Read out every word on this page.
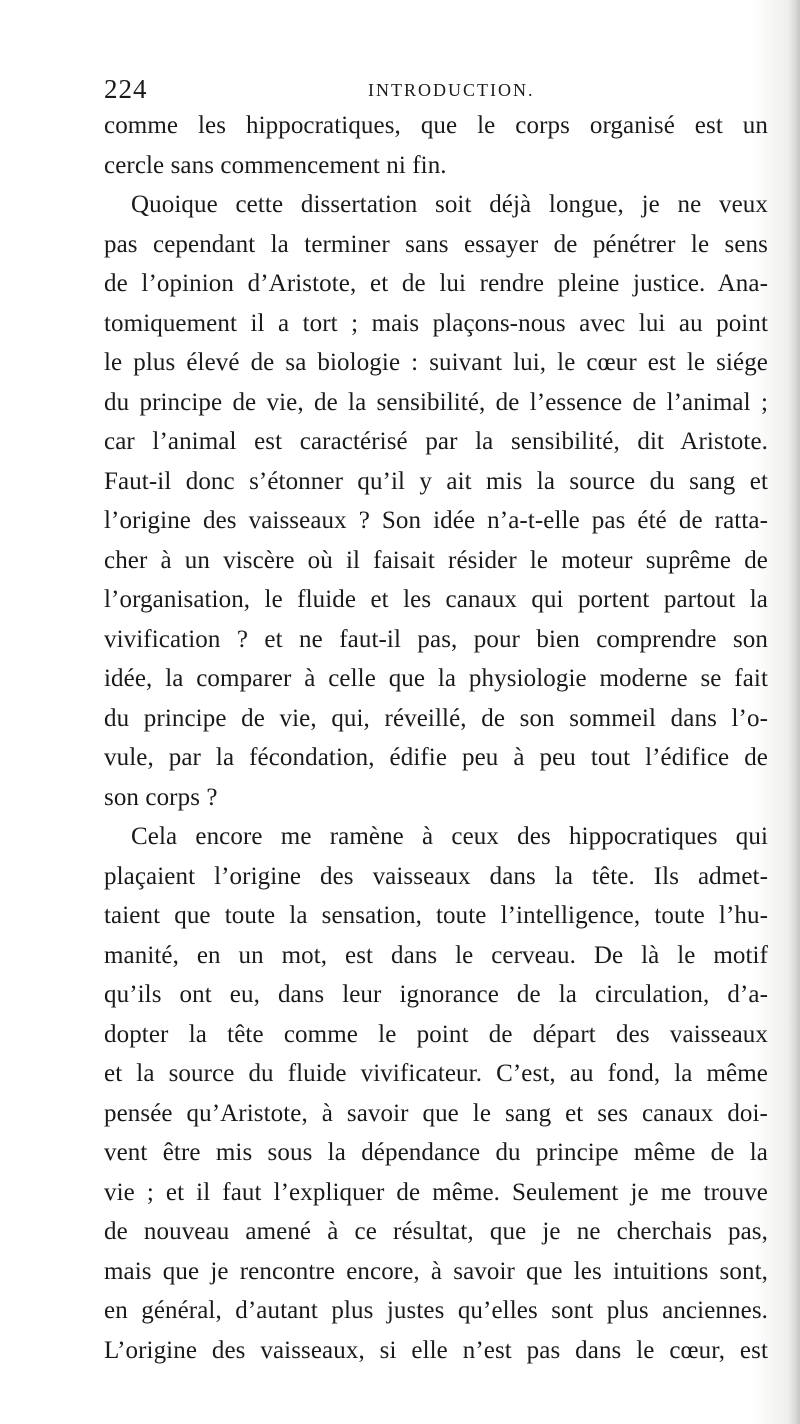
224	INTRODUCTION.
comme les hippocratiques, que le corps organisé est un
cercle sans commencement ni fin.
Quoique cette dissertation soit déjà longue, je ne veux
pas cependant la terminer sans essayer de pénétrer le sens
de l’opinion d’Aristote, et de lui rendre pleine justice. Ana-
tomiquement il a tort ; mais plaçons-nous avec lui au point
le plus élevé de sa biologie : suivant lui, le cœur est le siége
du principe de vie, de la sensibilité, de l’essence de l’animal ;
car l’animal est caractérisé par la sensibilité, dit Aristote.
Faut-il donc s’étonner qu’il y ait mis la source du sang et
l’origine des vaisseaux ? Son idée n’a-t-elle pas été de ratta-
cher à un viscère où il faisait résider le moteur suprême de
l’organisation, le fluide et les canaux qui portent partout la
vivification ? et ne faut-il pas, pour bien comprendre son
idée, la comparer à celle que la physiologie moderne se fait
du principe de vie, qui, réveillé, de son sommeil dans l’o-
vule, par la fécondation, édifie peu à peu tout l’édifice de
son corps ?
Cela encore me ramène à ceux des hippocratiques qui
plaçaient l’origine des vaisseaux dans la tête. Ils admet-
taient que toute la sensation, toute l’intelligence, toute l’hu-
manité, en un mot, est dans le cerveau. De là le motif
qu’ils ont eu, dans leur ignorance de la circulation, d’a-
dopter la tête comme le point de départ des vaisseaux
et la source du fluide vivificateur. C’est, au fond, la même
pensée qu’Aristote, à savoir que le sang et ses canaux doi-
vent être mis sous la dépendance du principe même de la
vie ; et il faut l’expliquer de même. Seulement je me trouve
de nouveau amené à ce résultat, que je ne cherchais pas,
mais que je rencontre encore, à savoir que les intuitions sont,
en général, d’autant plus justes qu’elles sont plus anciennes.
L’origine des vaisseaux, si elle n’est pas dans le cœur, est
